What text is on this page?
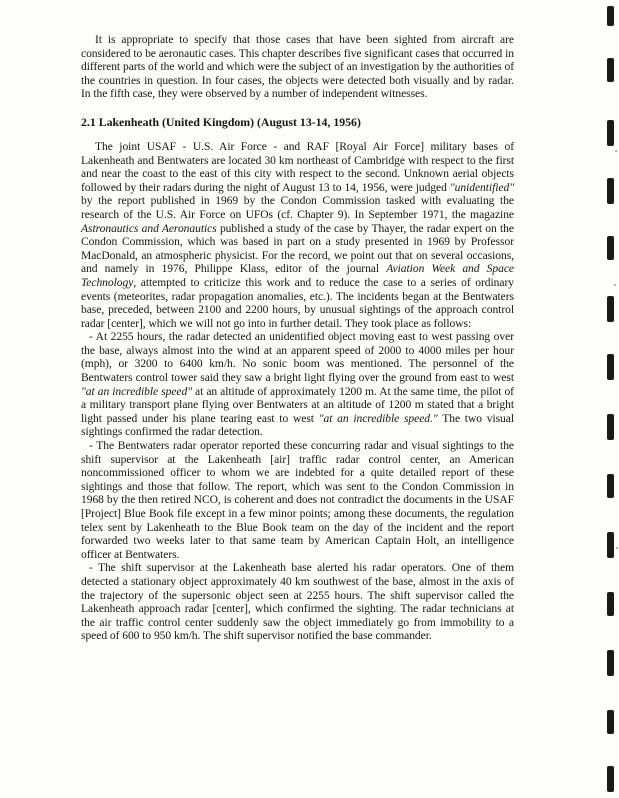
It is appropriate to specify that those cases that have been sighted from aircraft are considered to be aeronautic cases. This chapter describes five significant cases that occurred in different parts of the world and which were the subject of an investigation by the authorities of the countries in question. In four cases, the objects were detected both visually and by radar. In the fifth case, they were observed by a number of independent witnesses.

2.1 Lakenheath (United Kingdom) (August 13-14, 1956)

The joint USAF - U.S. Air Force - and RAF [Royal Air Force] military bases of Lakenheath and Bentwaters are located 30 km northeast of Cambridge with respect to the first and near the coast to the east of this city with respect to the second. Unknown aerial objects followed by their radars during the night of August 13 to 14, 1956, were judged "unidentified" by the report published in 1969 by the Condon Commission tasked with evaluating the research of the U.S. Air Force on UFOs (cf. Chapter 9). In September 1971, the magazine Astronautics and Aeronautics published a study of the case by Thayer, the radar expert on the Condon Commission, which was based in part on a study presented in 1969 by Professor MacDonald, an atmospheric physicist. For the record, we point out that on several occasions, and namely in 1976, Philippe Klass, editor of the journal Aviation Week and Space Technology, attempted to criticize this work and to reduce the case to a series of ordinary events (meteorites, radar propagation anomalies, etc.). The incidents began at the Bentwaters base, preceded, between 2100 and 2200 hours, by unusual sightings of the approach control radar [center], which we will not go into in further detail. They took place as follows:

- At 2255 hours, the radar detected an unidentified object moving east to west passing over the base, always almost into the wind at an apparent speed of 2000 to 4000 miles per hour (mph), or 3200 to 6400 km/h. No sonic boom was mentioned. The personnel of the Bentwaters control tower said they saw a bright light flying over the ground from east to west "at an incredible speed" at an altitude of approximately 1200 m. At the same time, the pilot of a military transport plane flying over Bentwaters at an altitude of 1200 m stated that a bright light passed under his plane tearing east to west "at an incredible speed." The two visual sightings confirmed the radar detection.

- The Bentwaters radar operator reported these concurring radar and visual sightings to the shift supervisor at the Lakenheath [air] traffic radar control center, an American noncommissioned officer to whom we are indebted for a quite detailed report of these sightings and those that follow. The report, which was sent to the Condon Commission in 1968 by the then retired NCO, is coherent and does not contradict the documents in the USAF [Project] Blue Book file except in a few minor points; among these documents, the regulation telex sent by Lakenheath to the Blue Book team on the day of the incident and the report forwarded two weeks later to that same team by American Captain Holt, an intelligence officer at Bentwaters.

- The shift supervisor at the Lakenheath base alerted his radar operators. One of them detected a stationary object approximately 40 km southwest of the base, almost in the axis of the trajectory of the supersonic object seen at 2255 hours. The shift supervisor called the Lakenheath approach radar [center], which confirmed the sighting. The radar technicians at the air traffic control center suddenly saw the object immediately go from immobility to a speed of 600 to 950 km/h. The shift supervisor notified the base commander.
